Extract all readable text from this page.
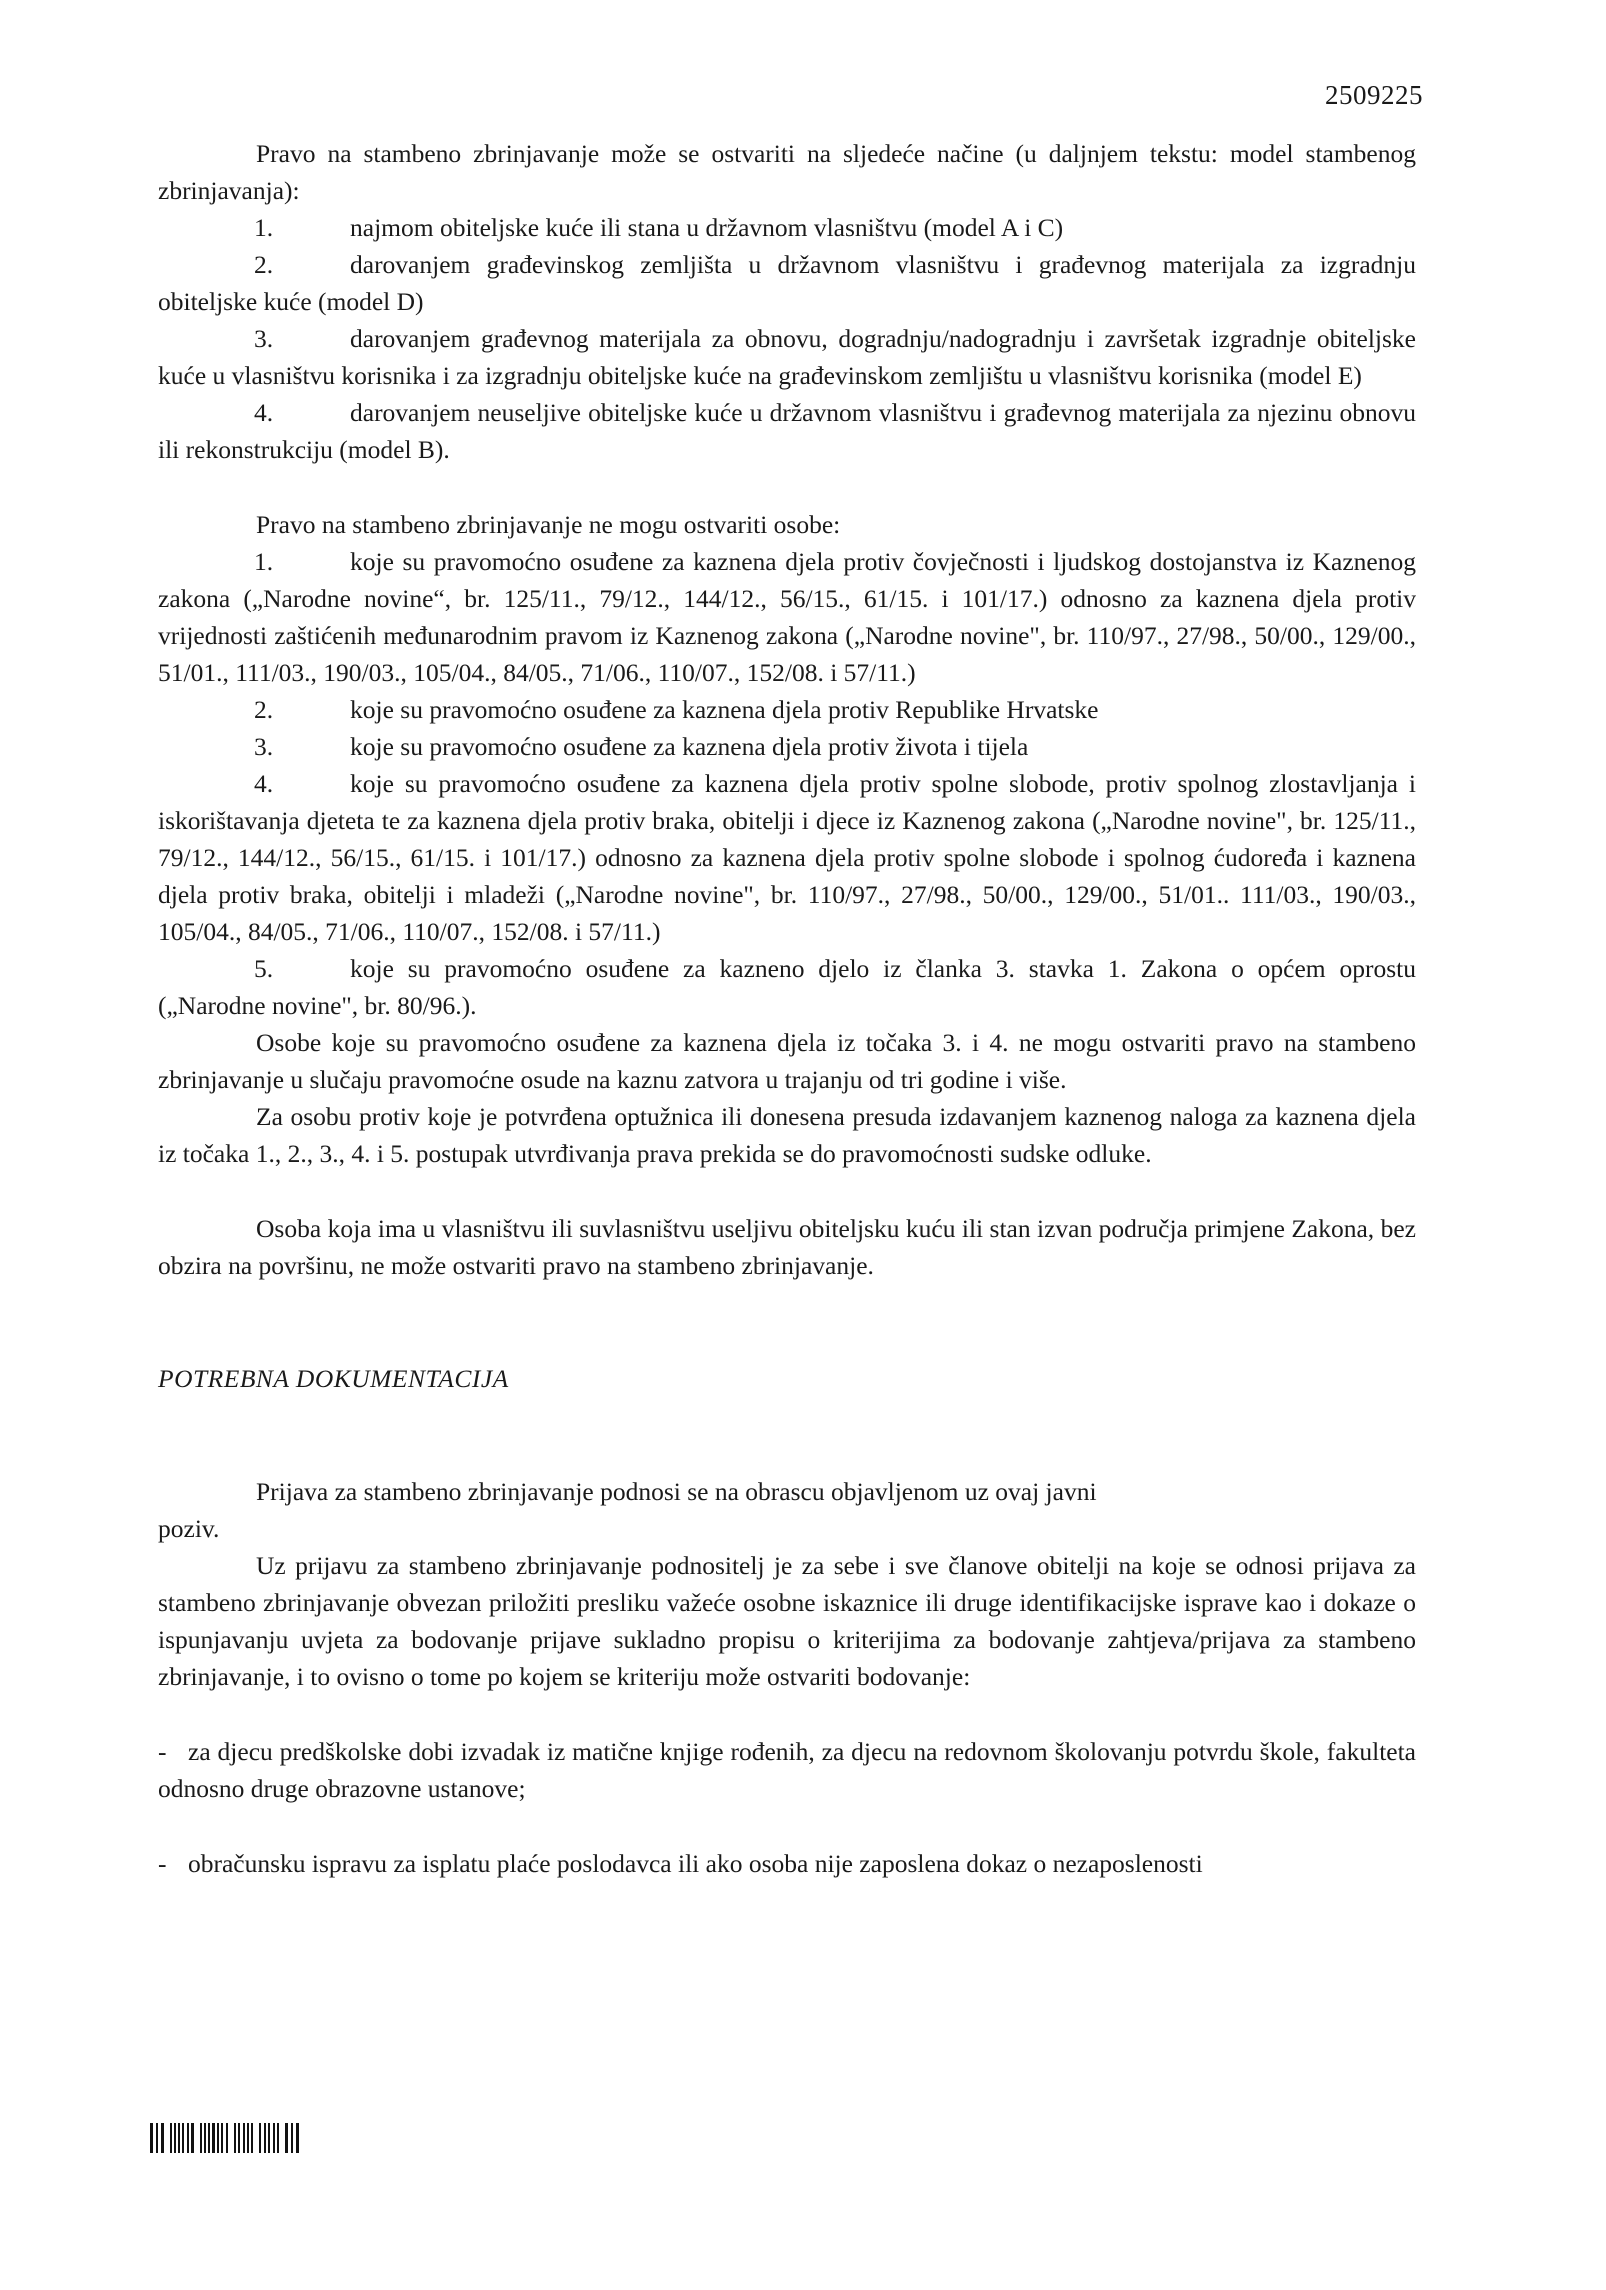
2509225

Pravo na stambeno zbrinjavanje može se ostvariti na sljedeće načine (u daljnjem tekstu: model stambenog zbrinjavanja):

1.	najmom obiteljske kuće ili stana u državnom vlasništvu (model A i C)

2.	darovanjem građevinskog zemljišta u državnom vlasništvu i građevnog materijala za izgradnju obiteljske kuće (model D)

3.	darovanjem građevnog materijala za obnovu, dogradnju/nadogradnju i završetak izgradnje obiteljske kuće u vlasništvu korisnika i za izgradnju obiteljske kuće na građevinskom zemljištu u vlasništvu korisnika (model E)

4.	darovanjem neuseljive obiteljske kuće u državnom vlasništvu i građevnog materijala za njezinu obnovu ili rekonstrukciju (model B).

Pravo na stambeno zbrinjavanje ne mogu ostvariti osobe:

1.	koje su pravomoćno osuđene za kaznena djela protiv čovječnosti i ljudskog dostojanstva iz Kaznenog zakona („Narodne novine“, br. 125/11., 79/12., 144/12., 56/15., 61/15. i 101/17.) odnosno za kaznena djela protiv vrijednosti zaštićenih međunarodnim pravom iz Kaznenog zakona („Narodne novine", br. 110/97., 27/98., 50/00., 129/00., 51/01., 111/03., 190/03., 105/04., 84/05., 71/06., 110/07., 152/08. i 57/11.)

2.	koje su pravomoćno osuđene za kaznena djela protiv Republike Hrvatske

3.	koje su pravomoćno osuđene za kaznena djela protiv života i tijela

4.	koje su pravomoćno osuđene za kaznena djela protiv spolne slobode, protiv spolnog zlostavljanja i iskorištavanja djeteta te za kaznena djela protiv braka, obitelji i djece iz Kaznenog zakona („Narodne novine", br. 125/11., 79/12., 144/12., 56/15., 61/15. i 101/17.) odnosno za kaznena djela protiv spolne slobode i spolnog ćudoređa i kaznena djela protiv braka, obitelji i mladeži („Narodne novine", br. 110/97., 27/98., 50/00., 129/00., 51/01.. 111/03., 190/03., 105/04., 84/05., 71/06., 110/07., 152/08. i 57/11.)

5.	koje su pravomoćno osuđene za kazneno djelo iz članka 3. stavka 1. Zakona o općem oprostu („Narodne novine", br. 80/96.).

Osobe koje su pravomoćno osuđene za kaznena djela iz točaka 3. i 4. ne mogu ostvariti pravo na stambeno zbrinjavanje u slučaju pravomoćne osude na kaznu zatvora u trajanju od tri godine i više.

Za osobu protiv koje je potvrđena optužnica ili donesena presuda izdavanjem kaznenog naloga za kaznena djela iz točaka 1., 2., 3., 4. i 5. postupak utvrđivanja prava prekida se do pravomoćnosti sudske odluke.

Osoba koja ima u vlasništvu ili suvlasništvu useljivu obiteljsku kuću ili stan izvan područja primjene Zakona, bez obzira na površinu, ne može ostvariti pravo na stambeno zbrinjavanje.

POTREBNA DOKUMENTACIJA

Prijava za stambeno zbrinjavanje podnosi se na obrascu objavljenom uz ovaj javni

poziv.

Uz prijavu za stambeno zbrinjavanje podnositelj je za sebe i sve članove obitelji na koje se odnosi prijava za stambeno zbrinjavanje obvezan priložiti presliku važeće osobne iskaznice ili druge identifikacijske isprave kao i dokaze o ispunjavanju uvjeta za bodovanje prijave sukladno propisu o kriterijima za bodovanje zahtjeva/prijava za stambeno zbrinjavanje, i to ovisno o tome po kojem se kriteriju može ostvariti bodovanje:

- za djecu predškolske dobi izvadak iz matične knjige rođenih, za djecu na redovnom školovanju potvrdu škole, fakulteta odnosno druge obrazovne ustanove;

- obračunsku ispravu za isplatu plaće poslodavca ili ako osoba nije zaposlena dokaz o nezaposlenosti
